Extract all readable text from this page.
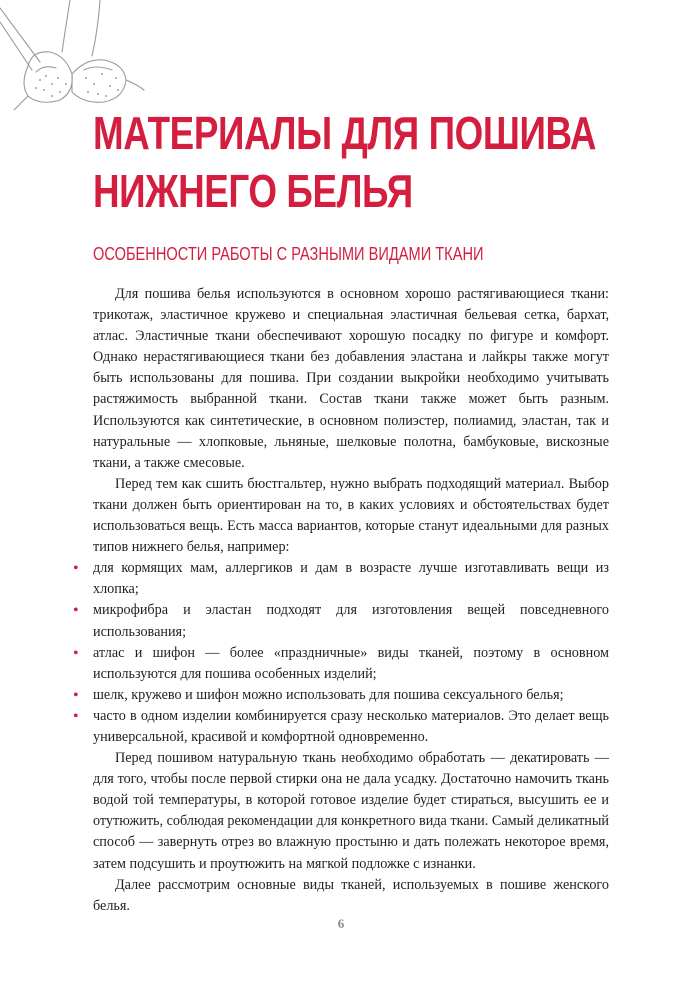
МАТЕРИАЛЫ ДЛЯ ПОШИВА
НИЖНЕГО БЕЛЬЯ
ОСОБЕННОСТИ РАБОТЫ С РАЗНЫМИ ВИДАМИ ТКАНИ

Для пошива белья используются в основном хорошо растягивающиеся ткани: трикотаж, эластичное кружево и специальная эластичная бельевая сетка, бархат, атлас. Эластичные ткани обеспечивают хорошую посадку по фигуре и комфорт. Однако нерастягивающиеся ткани без добавления эластана и лайкры также могут быть использованы для пошива. При создании выкройки необходимо учитывать растяжимость выбранной ткани. Состав ткани также может быть разным. Используются как синтетические, в основном полиэстер, полиамид, эластан, так и натуральные — хлопковые, льняные, шелковые полотна, бамбуковые, вискозные ткани, а также смесовые.

Перед тем как сшить бюстгальтер, нужно выбрать подходящий материал. Выбор ткани должен быть ориентирован на то, в каких условиях и обстоятельствах будет использоваться вещь. Есть масса вариантов, которые станут идеальными для разных типов нижнего белья, например:

• для кормящих мам, аллергиков и дам в возрасте лучше изготавливать вещи из хлопка;
• микрофибра и эластан подходят для изготовления вещей повседневного использования;
• атлас и шифон — более «праздничные» виды тканей, поэтому в основном используются для пошива особенных изделий;
• шелк, кружево и шифон можно использовать для пошива сексуального белья;
• часто в одном изделии комбинируется сразу несколько материалов. Это делает вещь универсальной, красивой и комфортной одновременно.

Перед пошивом натуральную ткань необходимо обработать — декатировать — для того, чтобы после первой стирки она не дала усадку. Достаточно намочить ткань водой той температуры, в которой готовое изделие будет стираться, высушить ее и отутюжить, соблюдая рекомендации для конкретного вида ткани. Самый деликатный способ — завернуть отрез во влажную простыню и дать полежать некоторое время, затем подсушить и проутюжить на мягкой подложке с изнанки.

Далее рассмотрим основные виды тканей, используемых в пошиве женского белья.

6
